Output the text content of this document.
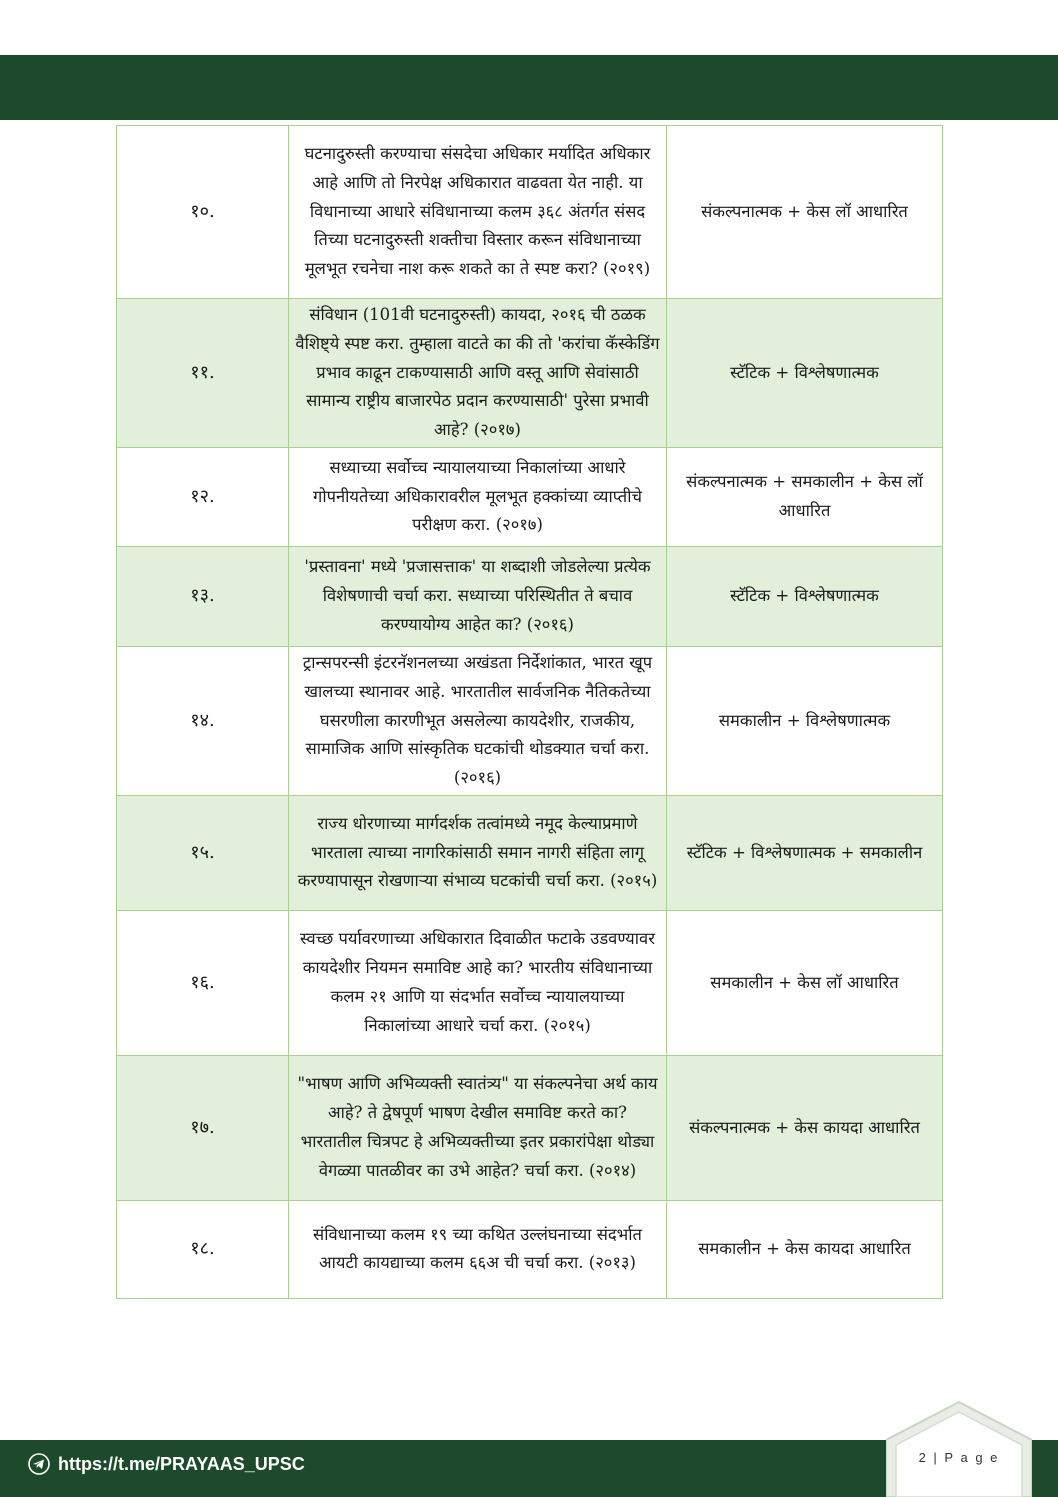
१०.	घटनादुरुस्ती करण्याचा संसदेचा अधिकार मर्यादित अधिकार आहे आणि तो निरपेक्ष अधिकारात वाढवता येत नाही. या विधानाच्या आधारे संविधानाच्या कलम ३६८ अंतर्गत संसद तिच्या घटनादुरुस्ती शक्तीचा विस्तार करून संविधानाच्या मूलभूत रचनेचा नाश करू शकते का ते स्पष्ट करा? (२०१९)	संकल्पनात्मक + केस लॉ आधारित
११.	संविधान (101वी घटनादुरुस्ती) कायदा, २०१६ ची ठळक वैशिष्ट्ये स्पष्ट करा. तुम्हाला वाटते का की तो 'करांचा कॅस्केडिंग प्रभाव काढून टाकण्यासाठी आणि वस्तू आणि सेवांसाठी सामान्य राष्ट्रीय बाजारपेठ प्रदान करण्यासाठी' पुरेसा प्रभावी आहे? (२०१७)	स्टॅटिक + विश्लेषणात्मक
१२.	सध्याच्या सर्वोच्च न्यायालयाच्या निकालांच्या आधारे गोपनीयतेच्या अधिकारावरील मूलभूत हक्कांच्या व्याप्तीचे परीक्षण करा. (२०१७)	संकल्पनात्मक + समकालीन + केस लॉ आधारित
१३.	'प्रस्तावना' मध्ये 'प्रजासत्ताक' या शब्दाशी जोडलेल्या प्रत्येक विशेषणाची चर्चा करा. सध्याच्या परिस्थितीत ते बचाव करण्यायोग्य आहेत का? (२०१६)	स्टॅटिक + विश्लेषणात्मक
१४.	ट्रान्सपरन्सी इंटरनॅशनलच्या अखंडता निर्देशांकात, भारत खूप खालच्या स्थानावर आहे. भारतातील सार्वजनिक नैतिकतेच्या घसरणीला कारणीभूत असलेल्या कायदेशीर, राजकीय, सामाजिक आणि सांस्कृतिक घटकांची थोडक्यात चर्चा करा. (२०१६)	समकालीन + विश्लेषणात्मक
१५.	राज्य धोरणाच्या मार्गदर्शक तत्वांमध्ये नमूद केल्याप्रमाणे भारताला त्याच्या नागरिकांसाठी समान नागरी संहिता लागू करण्यापासून रोखणाऱ्या संभाव्य घटकांची चर्चा करा. (२०१५)	स्टॅटिक + विश्लेषणात्मक + समकालीन
१६.	स्वच्छ पर्यावरणाच्या अधिकारात दिवाळीत फटाके उडवण्यावर कायदेशीर नियमन समाविष्ट आहे का? भारतीय संविधानाच्या कलम २१ आणि या संदर्भात सर्वोच्च न्यायालयाच्या निकालांच्या आधारे चर्चा करा. (२०१५)	समकालीन + केस लॉ आधारित
१७.	"भाषण आणि अभिव्यक्ती स्वातंत्र्य" या संकल्पनेचा अर्थ काय आहे? ते द्वेषपूर्ण भाषण देखील समाविष्ट करते का? भारतातील चित्रपट हे अभिव्यक्तीच्या इतर प्रकारांपेक्षा थोड्या वेगळ्या पातळीवर का उभे आहेत? चर्चा करा. (२०१४)	संकल्पनात्मक + केस कायदा आधारित
१८.	संविधानाच्या कलम १९ च्या कथित उल्लंघनाच्या संदर्भात आयटी कायद्याच्या कलम ६६अ ची चर्चा करा. (२०१३)	समकालीन + केस कायदा आधारित
https://t.me/PRAYAAS_UPSC	2 | P a g e
